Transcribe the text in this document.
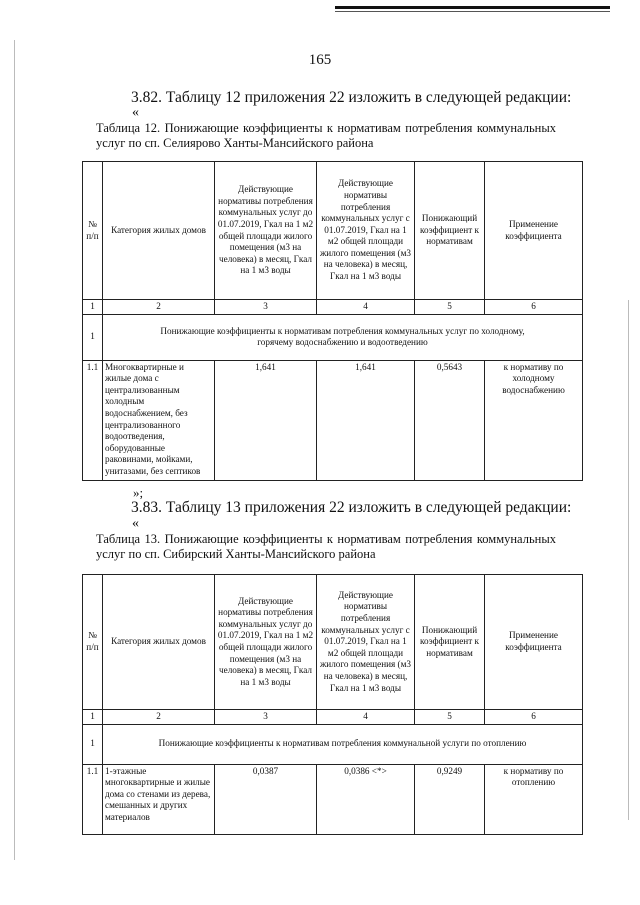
165
3.82. Таблицу 12 приложения 22 изложить в следующей редакции:
«
Таблица 12. Понижающие коэффициенты к нормативам потребления коммунальных услуг по сп. Селиярово Ханты-Мансийского района
№ п/п	Категория жилых домов	Действующие нормативы потребления коммунальных услуг до 01.07.2019, Гкал на 1 м2 общей площади жилого помещения (м3 на человека) в месяц, Гкал на 1 м3 воды	Действующие нормативы потребления коммунальных услуг с 01.07.2019, Гкал на 1 м2 общей площади жилого помещения (м3 на человека) в месяц, Гкал на 1 м3 воды	Понижающий коэффициент к нормативам	Применение коэффициента
1	2	3	4	5	6
1	Понижающие коэффициенты к нормативам потребления коммунальных услуг по холодному, горячему водоснабжению и водоотведению				
1.1	Многоквартирные и жилые дома с централизованным холодным водоснабжением, без централизованного водоотведения, оборудованные раковинами, мойками, унитазами, без септиков	1,641	1,641	0,5643	к нормативу по холодному водоснабжению
»;
3.83. Таблицу 13 приложения 22 изложить в следующей редакции:
«
Таблица 13. Понижающие коэффициенты к нормативам потребления коммунальных услуг по сп. Сибирский Ханты-Мансийского района
№ п/п	Категория жилых домов	Действующие нормативы потребления коммунальных услуг до 01.07.2019, Гкал на 1 м2 общей площади жилого помещения (м3 на человека) в месяц, Гкал на 1 м3 воды	Действующие нормативы потребления коммунальных услуг с 01.07.2019, Гкал на 1 м2 общей площади жилого помещения (м3 на человека) в месяц, Гкал на 1 м3 воды	Понижающий коэффициент к нормативам	Применение коэффициента
1	2	3	4	5	6
1	Понижающие коэффициенты к нормативам потребления коммунальной услуги по отоплению				
1.1	1-этажные многоквартирные и жилые дома со стенами из дерева, смешанных и других материалов	0,0387	0,0386 <*>	0,9249	к нормативу по отоплению
